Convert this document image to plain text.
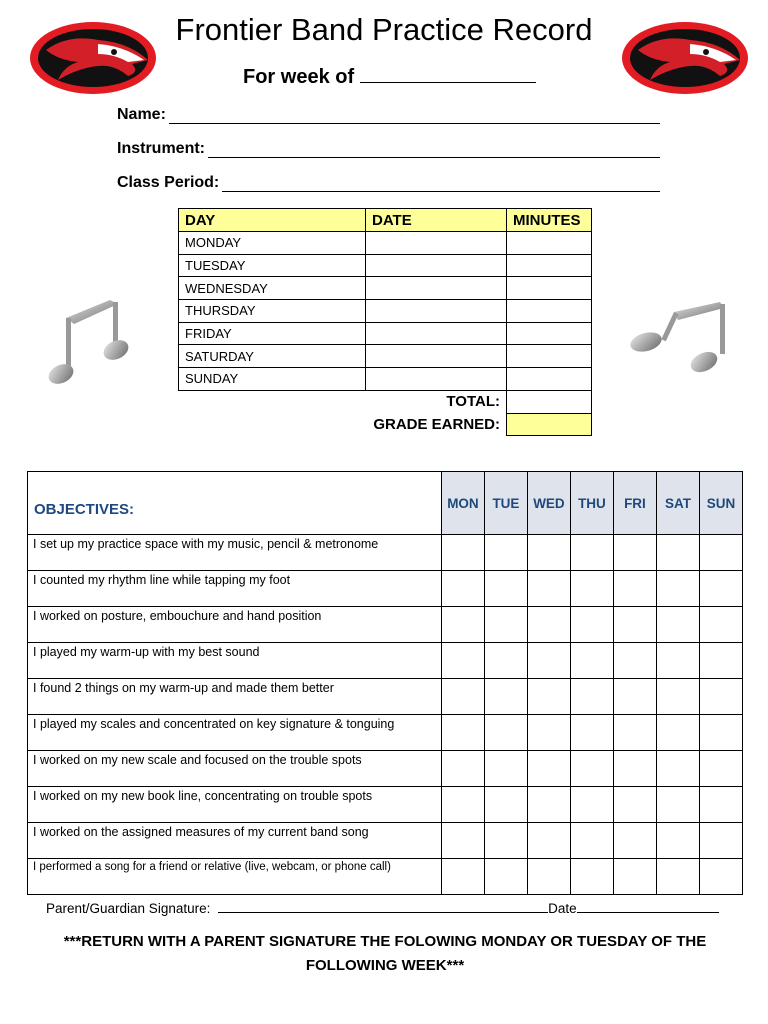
Frontier Band Practice Record
For week of
Name:
Instrument:
Class Period:
DAY	DATE	MINUTES
MONDAY		
TUESDAY		
WEDNESDAY		
THURSDAY		
FRIDAY		
SATURDAY		
SUNDAY		
TOTAL:		
GRADE EARNED:		
OBJECTIVES:	MON	TUE	WED	THU	FRI	SAT	SUN
I set up my practice space with my music, pencil & metronome							
I counted my rhythm line while tapping my foot							
I worked on posture, embouchure and hand position							
I played my warm-up with my best sound							
I found 2 things on my warm-up and made them better							
I played my scales and concentrated on key signature & tonguing							
I worked on my new scale and focused on the trouble spots							
I worked on my new book line, concentrating on trouble spots							
I worked on the assigned measures of my current band song							
I performed a song for a friend or relative (live, webcam, or phone call)							
Parent/Guardian Signature:	Date
***RETURN WITH A PARENT SIGNATURE THE FOLOWING MONDAY OR TUESDAY OF THE
FOLLOWING WEEK***
